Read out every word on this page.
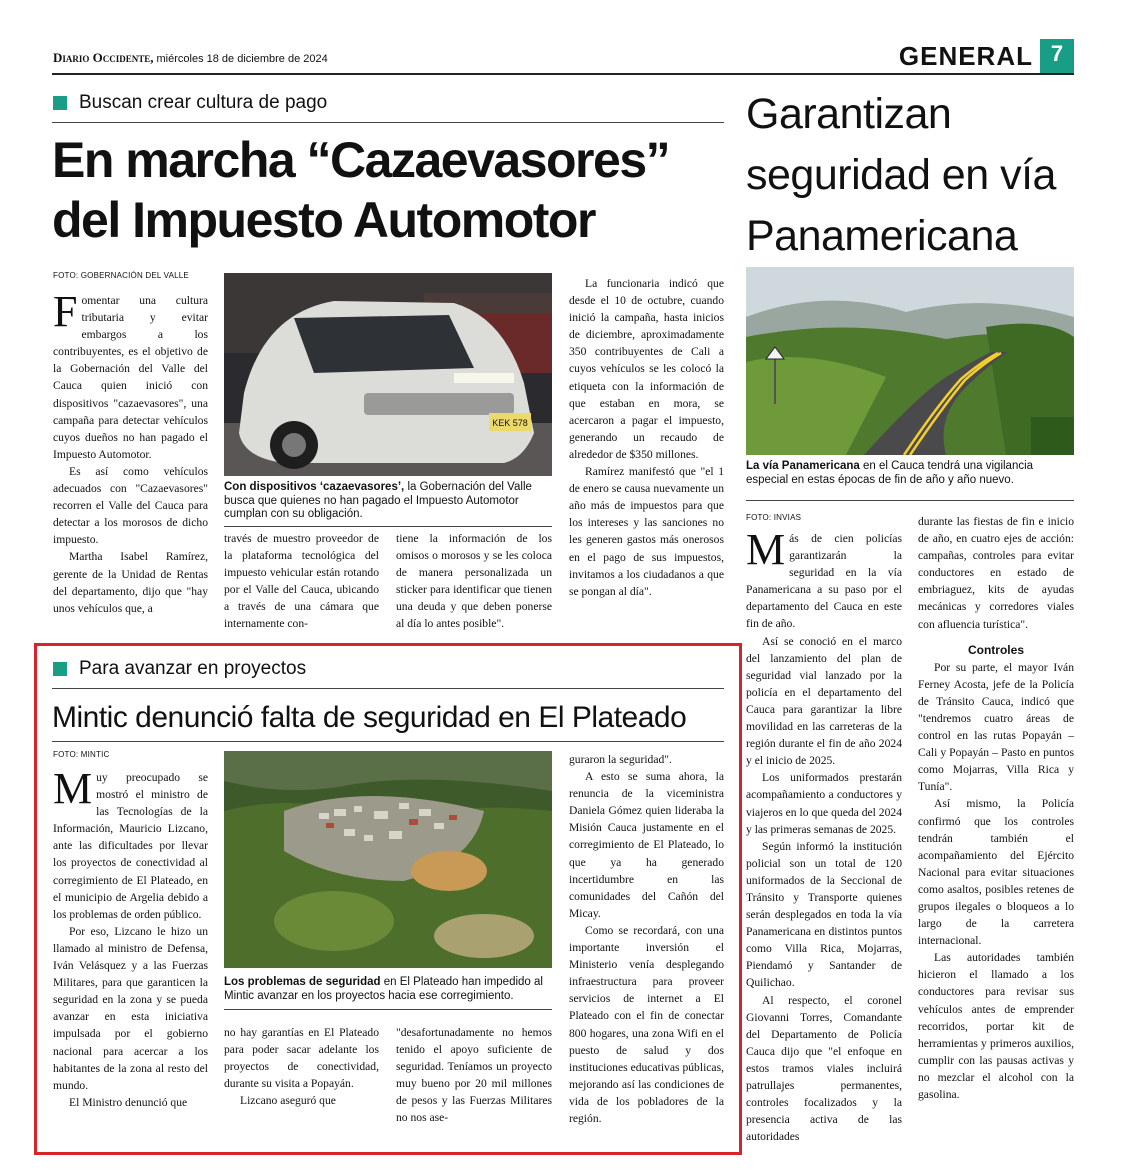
Diario Occidente, miércoles 18 de diciembre de 2024	GENERAL 7
Buscan crear cultura de pago
En marcha “Cazaevasores” del Impuesto Automotor
FOTO: GOBERNACIÓN DEL VALLE

Fomentar una cultura tributaria y evitar embargos a los contribuyentes, es el objetivo de la Gobernación del Valle del Cauca quien inició con dispositivos "cazaevasores", una campaña para detectar vehículos cuyos dueños no han pagado el Impuesto Automotor.

Es así como vehículos adecuados con "Cazaevasores" recorren el Valle del Cauca para detectar a los morosos de dicho impuesto.

Martha Isabel Ramírez, gerente de la Unidad de Rentas del departamento, dijo que "hay unos vehículos que, a

KEK 578
Con dispositivos ‘cazaevasores’, la Gobernación del Valle busca que quienes no han pagado el Impuesto Automotor cumplan con su obligación.

través de muestro proveedor de la plataforma tecnológica del impuesto vehicular están rotando por el Valle del Cauca, ubicando a través de una cámara que internamente con-

tiene la información de los omisos o morosos y se les coloca de manera personalizada un sticker para identificar que tienen una deuda y que deben ponerse al día lo antes posible".

La funcionaria indicó que desde el 10 de octubre, cuando inició la campaña, hasta inicios de diciembre, aproximadamente 350 contribuyentes de Cali a cuyos vehículos se les colocó la etiqueta con la información de que estaban en mora, se acercaron a pagar el impuesto, generando un recaudo de alrededor de $350 millones.

Ramírez manifestó que "el 1 de enero se causa nuevamente un año más de impuestos para que los intereses y las sanciones no les generen gastos más onerosos en el pago de sus impuestos, invitamos a los ciudadanos a que se pongan al día".

Garantizan seguridad en vía Panamericana
La vía Panamericana en el Cauca tendrá una vigilancia especial en estas épocas de fin de año y año nuevo.
FOTO: INVIAS

Más de cien policías garantizarán la seguridad en la vía Panamericana a su paso por el departamento del Cauca en este fin de año.

Así se conoció en el marco del lanzamiento del plan de seguridad vial lanzado por la policía en el departamento del Cauca para garantizar la libre movilidad en las carreteras de la región durante el fin de año 2024 y el inicio de 2025.

Los uniformados prestarán acompañamiento a conductores y viajeros en lo que queda del 2024 y las primeras semanas de 2025.

Según informó la institución policial son un total de 120 uniformados de la Seccional de Tránsito y Transporte quienes serán desplegados en toda la vía Panamericana en distintos puntos como Villa Rica, Mojarras, Piendamó y Santander de Quilichao.

Al respecto, el coronel Giovanni Torres, Comandante del Departamento de Policía Cauca dijo que "el enfoque en estos tramos viales incluirá patrullajes permanentes, controles focalizados y la presencia activa de las autoridades

durante las fiestas de fin e inicio de año, en cuatro ejes de acción: campañas, controles para evitar conductores en estado de embriaguez, kits de ayudas mecánicas y corredores viales con afluencia turística".

Controles

Por su parte, el mayor Iván Ferney Acosta, jefe de la Policía de Tránsito Cauca, indicó que "tendremos cuatro áreas de control en las rutas Popayán – Cali y Popayán – Pasto en puntos como Mojarras, Villa Rica y Tunía".

Así mismo, la Policía confirmó que los controles tendrán también el acompañamiento del Ejército Nacional para evitar situaciones como asaltos, posibles retenes de grupos ilegales o bloqueos a lo largo de la carretera internacional.

Las autoridades también hicieron el llamado a los conductores para revisar sus vehículos antes de emprender recorridos, portar kit de herramientas y primeros auxilios, cumplir con las pausas activas y no mezclar el alcohol con la gasolina.

Para avanzar en proyectos
Mintic denunció falta de seguridad en El Plateado
FOTO: MINTIC

Muy preocupado se mostró el ministro de las Tecnologías de la Información, Mauricio Lizcano, ante las dificultades por llevar los proyectos de conectividad al corregimiento de El Plateado, en el municipio de Argelia debido a los problemas de orden público.

Por eso, Lizcano le hizo un llamado al ministro de Defensa, Iván Velásquez y a las Fuerzas Militares, para que garanticen la seguridad en la zona y se pueda avanzar en esta iniciativa impulsada por el gobierno nacional para acercar a los habitantes de la zona al resto del mundo.

El Ministro denunció que

Los problemas de seguridad en El Plateado han impedido al Mintic avanzar en los proyectos hacia ese corregimiento.

no hay garantías en El Plateado para poder sacar adelante los proyectos de conectividad, durante su visita a Popayán.

Lizcano aseguró que

"desafortunadamente no hemos tenido el apoyo suficiente de seguridad. Teníamos un proyecto muy bueno por 20 mil millones de pesos y las Fuerzas Militares no nos ase-

guraron la seguridad".

A esto se suma ahora, la renuncia de la viceministra Daniela Gómez quien lideraba la Misión Cauca justamente en el corregimiento de El Plateado, lo que ya ha generado incertidumbre en las comunidades del Cañón del Micay.

Como se recordará, con una importante inversión el Ministerio venía desplegando infraestructura para proveer servicios de internet a El Plateado con el fin de conectar 800 hogares, una zona Wifi en el puesto de salud y dos instituciones educativas públicas, mejorando así las condiciones de vida de los pobladores de la región.
